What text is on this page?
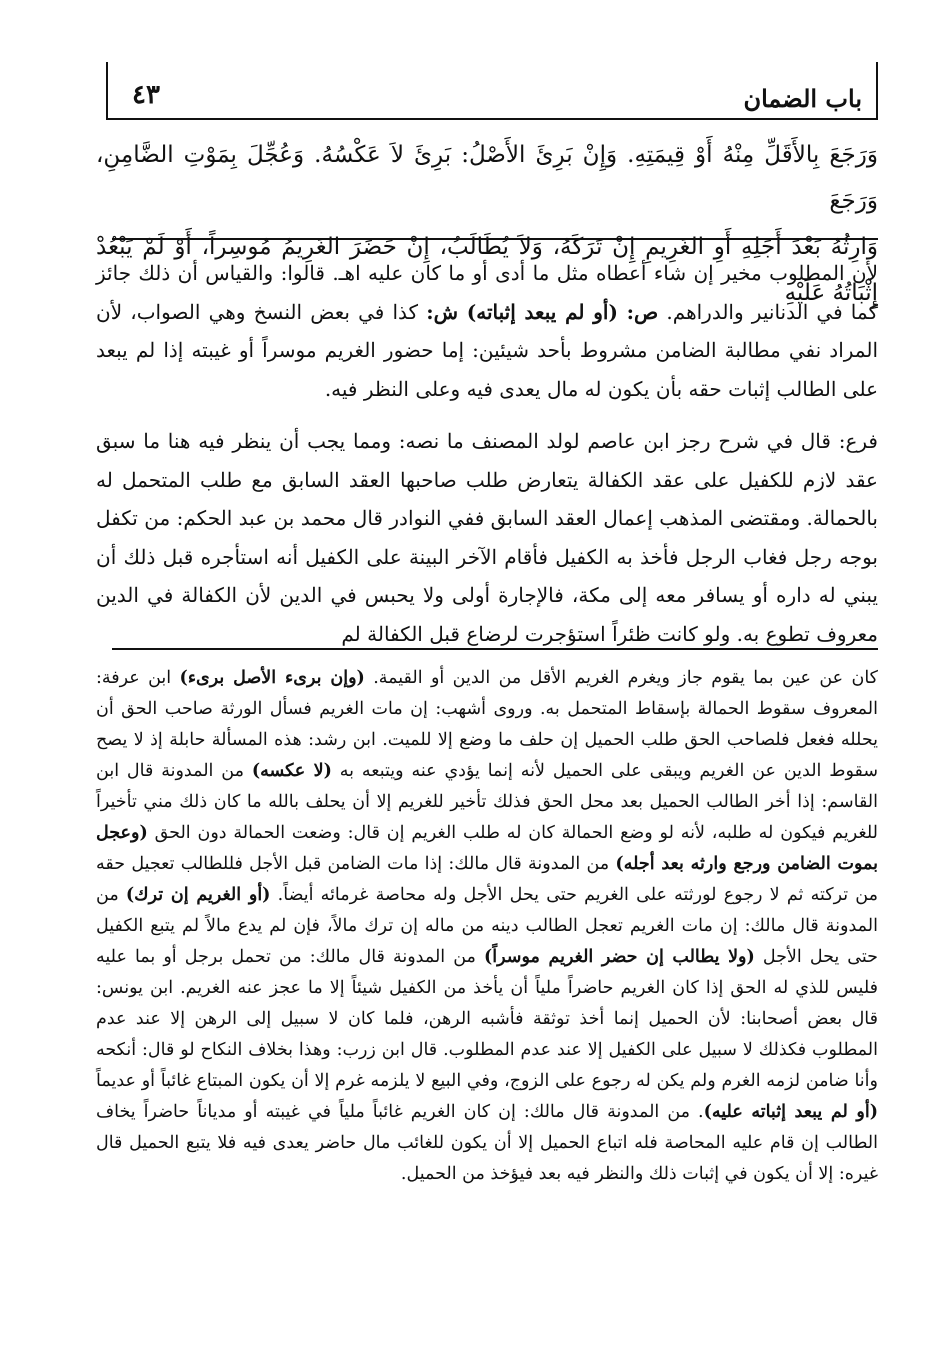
٤٣	باب الضمان

وَرَجَعَ بِالأَقَلِّ مِنْهُ أَوْ قِيمَتِهِ. وَإِنْ بَرِئَ الأَصْلُ: بَرِئَ لاَ عَكْسُهُ. وَعُجِّلَ بِمَوْتِ الضَّامِنِ، وَرَجَعَ

وَارِثُهُ بَعْدَ أَجَلِهِ أَوِ الغَرِيمِ إِنْ تَرَكَهُ، وَلاَ يُطَالَبُ، إِنْ حَضَرَ الغَرِيمُ مُوسِراً، أَوْ لَمْ يَبْعُدْ إِثْبَاتُهُ عَلَيْهِ

لأن المطلوب مخير إن شاء أعطاه مثل ما أدى أو ما كان عليه اهـ. قالوا: والقياس أن ذلك جائز كما في الدنانير والدراهم. ص: (أو لم يبعد إثباته) ش: كذا في بعض النسخ وهي الصواب، لأن المراد نفي مطالبة الضامن مشروط بأحد شيئين: إما حضور الغريم موسراً أو غيبته إذا لم يبعد على الطالب إثبات حقه بأن يكون له مال يعدى فيه وعلى النظر فيه.

فرع: قال في شرح رجز ابن عاصم لولد المصنف ما نصه: ومما يجب أن ينظر فيه هنا ما سبق عقد لازم للكفيل على عقد الكفالة يتعارض طلب صاحبها العقد السابق مع طلب المتحمل له بالحمالة. ومقتضى المذهب إعمال العقد السابق ففي النوادر قال محمد بن عبد الحكم: من تكفل بوجه رجل فغاب الرجل فأخذ به الكفيل فأقام الآخر البينة على الكفيل أنه استأجره قبل ذلك أن يبني له داره أو يسافر معه إلى مكة، فالإجارة أولى ولا يحبس في الدين لأن الكفالة في الدين معروف تطوع به. ولو كانت ظئراً استؤجرت لرضاع قبل الكفالة لم

كان عن عين بما يقوم جاز ويغرم الغريم الأقل من الدين أو القيمة. (وإن برىء الأصل برىء) ابن عرفة: المعروف سقوط الحمالة بإسقاط المتحمل به. وروى أشهب: إن مات الغريم فسأل الورثة صاحب الحق أن يحلله فغعل فلصاحب الحق طلب الحميل إن حلف ما وضع إلا للميت. ابن رشد: هذه المسألة حابلة إذ لا يصح سقوط الدين عن الغريم ويبقى على الحميل لأنه إنما يؤدي عنه ويتبعه به (لا عكسه) من المدونة قال ابن القاسم: إذا أخر الطالب الحميل بعد محل الحق فذلك تأخير للغريم إلا أن يحلف بالله ما كان ذلك مني تأخيراً للغريم فيكون له طلبه، لأنه لو وضع الحمالة كان له طلب الغريم إن قال: وضعت الحمالة دون الحق (وعجل بموت الضامن ورجع وارثه بعد أجله) من المدونة قال مالك: إذا مات الضامن قبل الأجل فللطالب تعجيل حقه من تركته ثم لا رجوع لورثته على الغريم حتى يحل الأجل وله محاصة غرمائه أيضاً. (أو الغريم إن ترك) من المدونة قال مالك: إن مات الغريم تعجل الطالب دينه من ماله إن ترك مالاً، فإن لم يدع مالاً لم يتبع الكفيل حتى يحل الأجل (ولا يطالب إن حضر الغريم موسراً) من المدونة قال مالك: من تحمل برجل أو بما عليه فليس للذي له الحق إذا كان الغريم حاضراً ملياً أن يأخذ من الكفيل شيئاً إلا ما عجز عنه الغريم. ابن يونس: قال بعض أصحابنا: لأن الحميل إنما أخذ توثقة فأشبه الرهن، فلما كان لا سبيل إلى الرهن إلا عند عدم المطلوب فكذلك لا سبيل على الكفيل إلا عند عدم المطلوب. قال ابن زرب: وهذا بخلاف النكاح لو قال: أنكحه وأنا ضامن لزمه الغرم ولم يكن له رجوع على الزوج، وفي البيع لا يلزمه غرم إلا أن يكون المبتاع غائباً أو عديماً (أو لم يبعد إثباته عليه). من المدونة قال مالك: إن كان الغريم غائباً ملياً في غيبته أو مدياناً حاضراً يخاف الطالب إن قام عليه المحاصة فله اتباع الحميل إلا أن يكون للغائب مال حاضر يعدى فيه فلا يتبع الحميل قال غيره: إلا أن يكون في إثبات ذلك والنظر فيه بعد فيؤخذ من الحميل.
